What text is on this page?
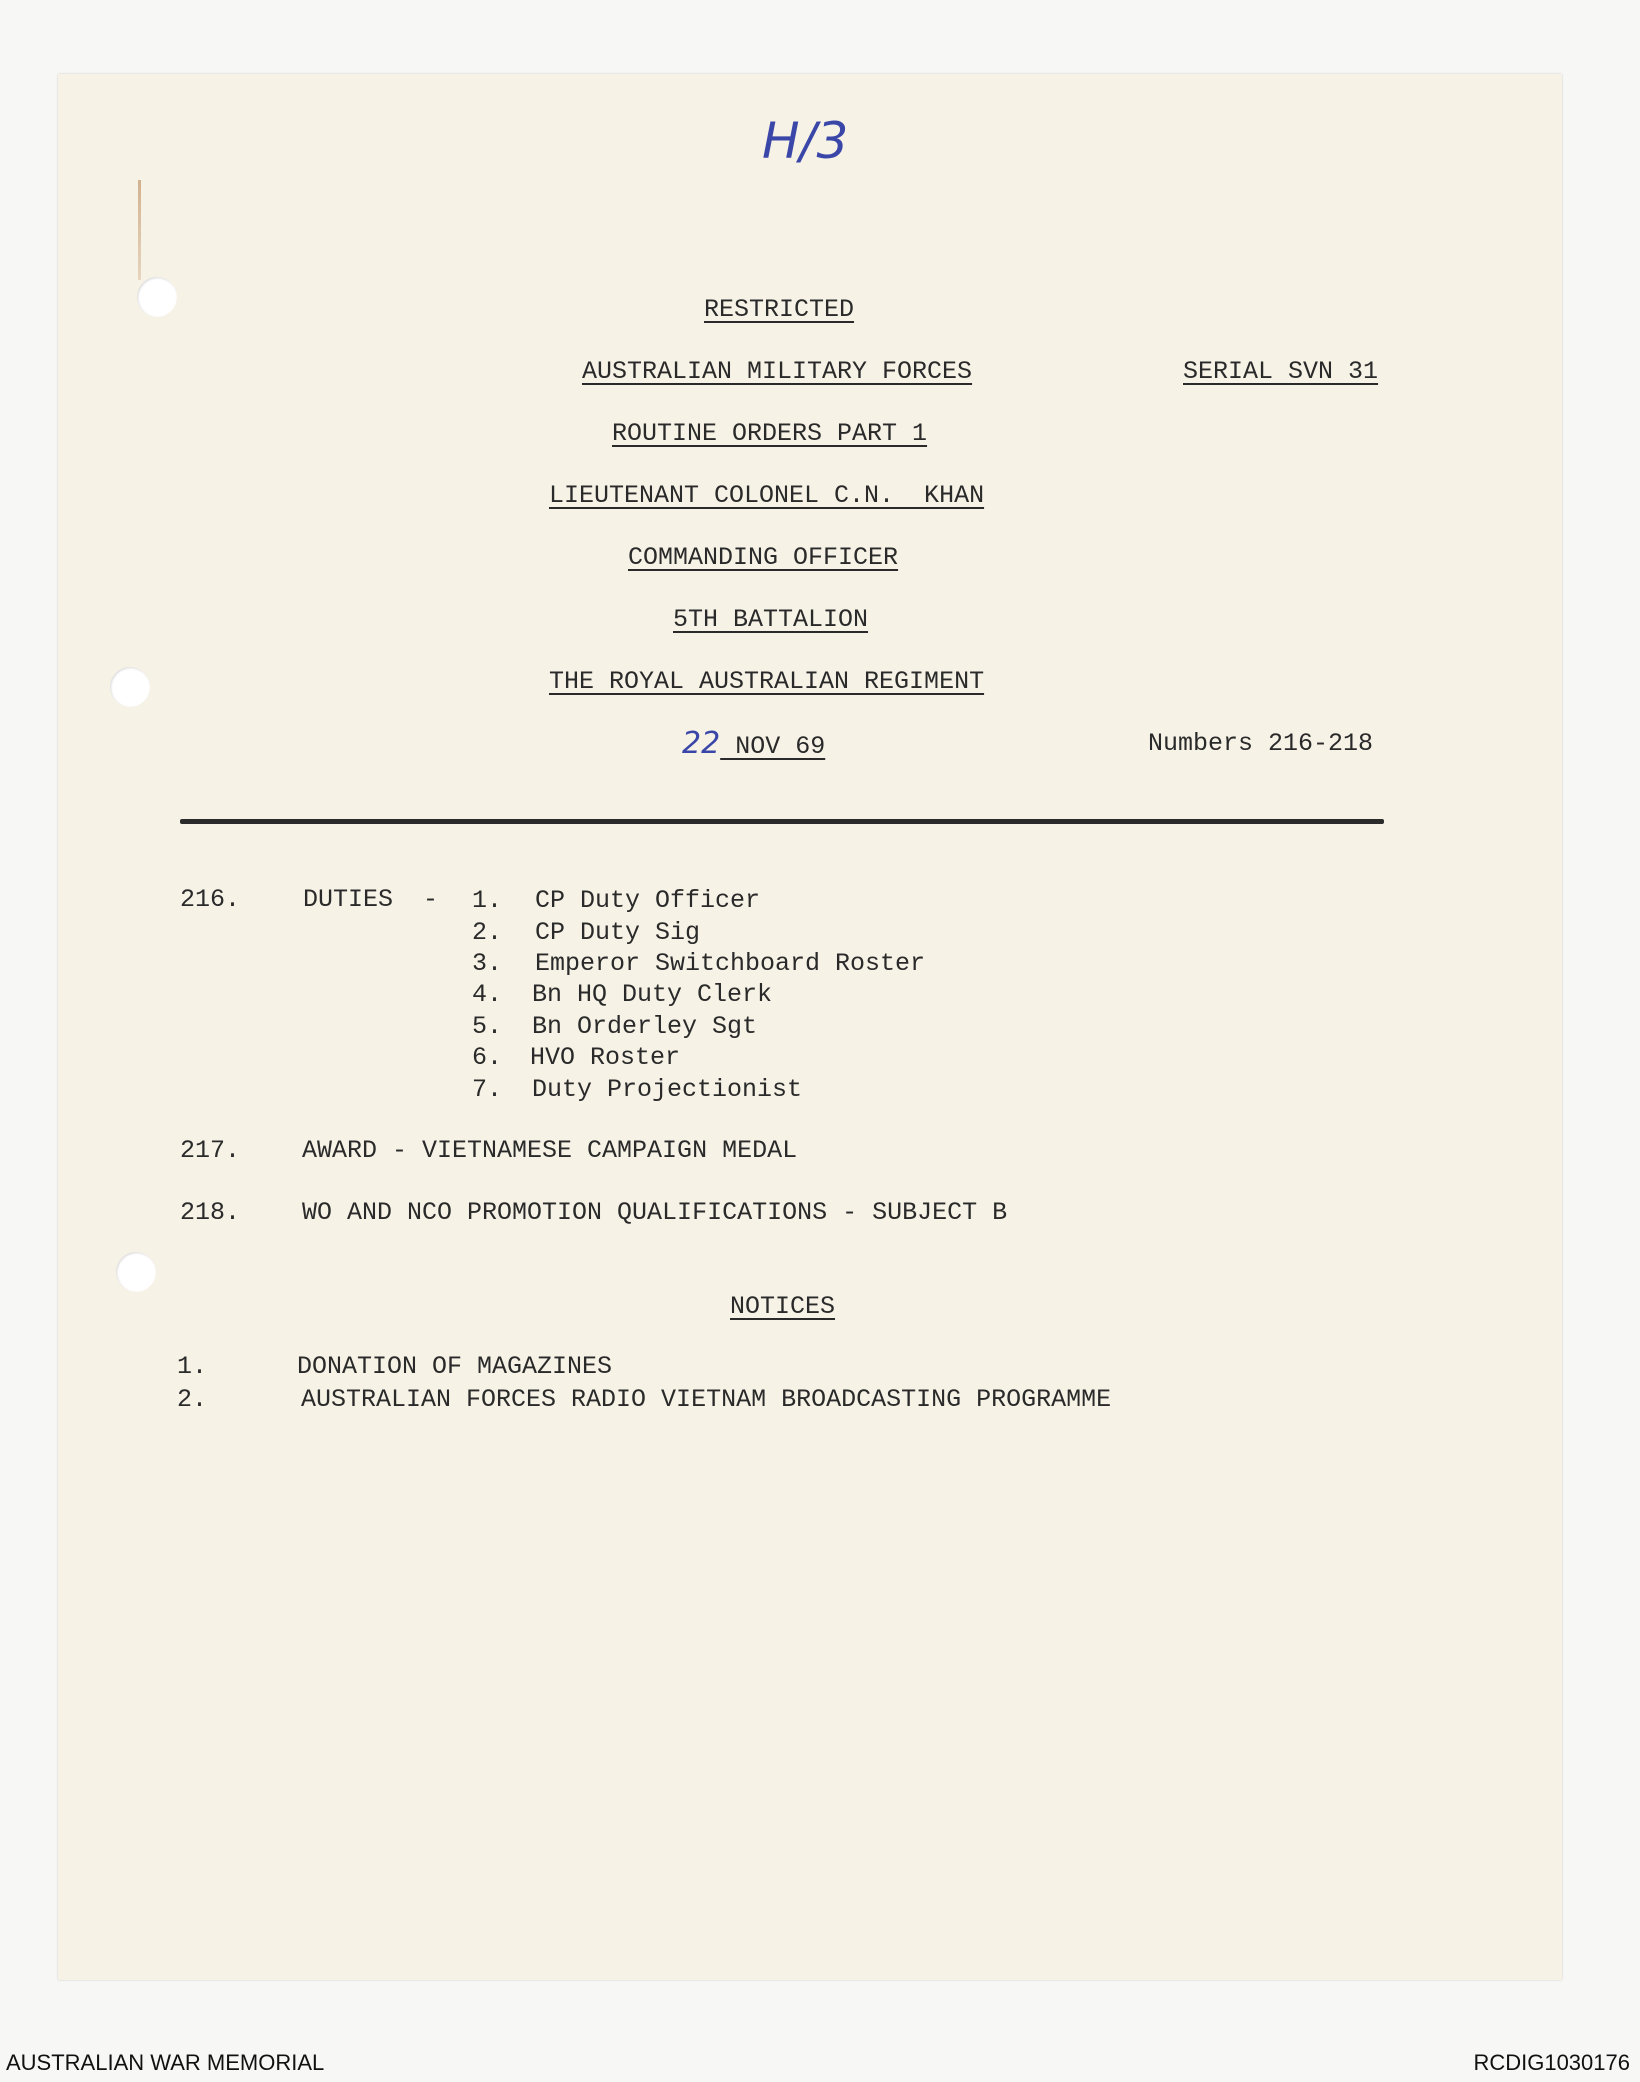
H/3
RESTRICTED
AUSTRALIAN MILITARY FORCES	SERIAL SVN 31
ROUTINE ORDERS PART 1
LIEUTENANT COLONEL C.N.  KHAN
COMMANDING OFFICER
5TH BATTALION
THE ROYAL AUSTRALIAN REGIMENT
22 NOV 69	Numbers 216-218
216.	DUTIES  - 1. CP Duty Officer
2. CP Duty Sig
3. Emperor Switchboard Roster
4. Bn HQ Duty Clerk
5. Bn Orderley Sgt
6. HVO Roster
7. Duty Projectionist
217. AWARD - VIETNAMESE CAMPAIGN MEDAL
218. WO AND NCO PROMOTION QUALIFICATIONS - SUBJECT B
NOTICES
1.	DONATION OF MAGAZINES
2.	AUSTRALIAN FORCES RADIO VIETNAM BROADCASTING PROGRAMME
AUSTRALIAN WAR MEMORIAL	RCDIG1030176
